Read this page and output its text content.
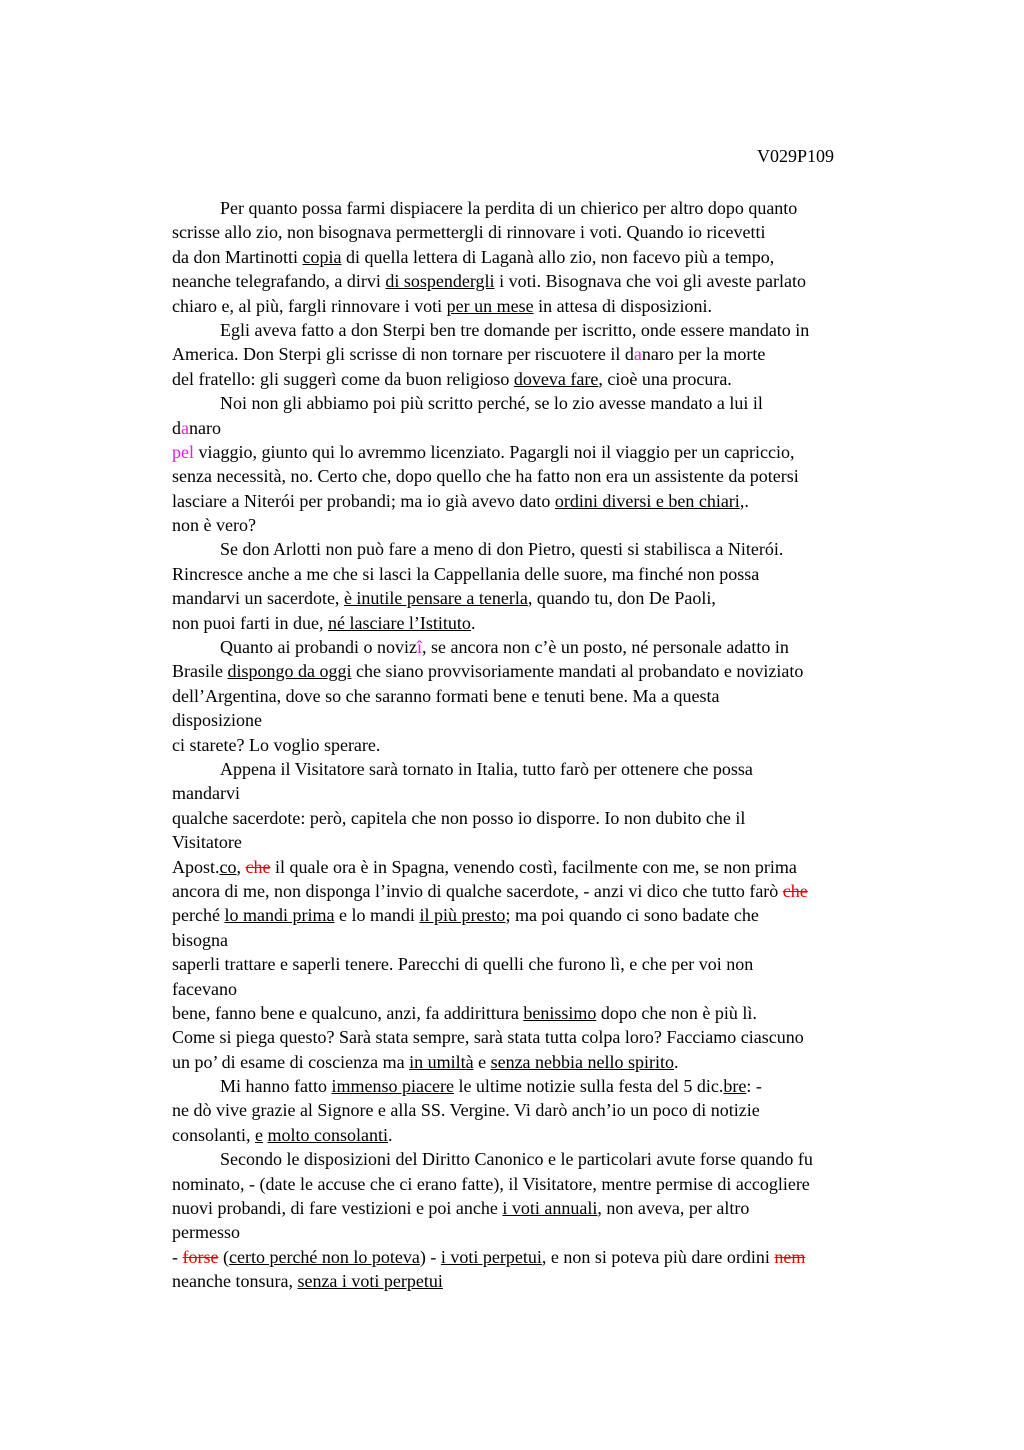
V029P109
Per quanto possa farmi dispiacere la perdita di un chierico per altro dopo quanto
scrisse allo zio, non bisognava permettergli di rinnovare i voti. Quando io ricevetti
da don Martinotti copia di quella lettera di Laganà allo zio, non facevo più a tempo,
neanche telegrafando, a dirvi di sospendergli i voti. Bisognava che voi gli aveste parlato
chiaro e, al più, fargli rinnovare i voti per un mese in attesa di disposizioni.
Egli aveva fatto a don Sterpi ben tre domande per iscritto, onde essere mandato in
America. Don Sterpi gli scrisse di non tornare per riscuotere il danaro per la morte
del fratello: gli suggerì come da buon religioso doveva fare, cioè una procura.
Noi non gli abbiamo poi più scritto perché, se lo zio avesse mandato a lui il
danaro
pel viaggio, giunto qui lo avremmo licenziato. Pagargli noi il viaggio per un capriccio,
senza necessità, no. Certo che, dopo quello che ha fatto non era un assistente da potersi
lasciare a Niterói per probandi; ma io già avevo dato ordini diversi e ben chiari,.
non è vero?
Se don Arlotti non può fare a meno di don Pietro, questi si stabilisca a Niterói.
Rincresce anche a me che si lasci la Cappellania delle suore, ma finché non possa
mandarvi un sacerdote, è inutile pensare a tenerla, quando tu, don De Paoli,
non puoi farti in due, né lasciare l’Istituto.
Quanto ai probandi o novizî, se ancora non c’è un posto, né personale adatto in
Brasile dispongo da oggi che siano provvisoriamente mandati al probandato e noviziato
dell’Argentina, dove so che saranno formati bene e tenuti bene. Ma a questa
disposizione
ci starete? Lo voglio sperare.
Appena il Visitatore sarà tornato in Italia, tutto farò per ottenere che possa
mandarvi
qualche sacerdote: però, capitela che non posso io disporre. Io non dubito che il
Visitatore
Apost.co, che il quale ora è in Spagna, venendo costì, facilmente con me, se non prima
ancora di me, non disponga l’invio di qualche sacerdote, - anzi vi dico che tutto farò che
perché lo mandi prima e lo mandi il più presto; ma poi quando ci sono badate che
bisogna
saperli trattare e saperli tenere. Parecchi di quelli che furono lì, e che per voi non
facevano
bene, fanno bene e qualcuno, anzi, fa addirittura benissimo dopo che non è più lì.
Come si piega questo? Sarà stata sempre, sarà stata tutta colpa loro? Facciamo ciascuno
un po’ di esame di coscienza ma in umiltà e senza nebbia nello spirito.
Mi hanno fatto immenso piacere le ultime notizie sulla festa del 5 dic.bre: -
ne dò vive grazie al Signore e alla SS. Vergine. Vi darò anch’io un poco di notizie
consolanti, e molto consolanti.
Secondo le disposizioni del Diritto Canonico e le particolari avute forse quando fu
nominato, - (date le accuse che ci erano fatte), il Visitatore, mentre permise di accogliere
nuovi probandi, di fare vestizioni e poi anche i voti annuali, non aveva, per altro
permesso
- forse (certo perché non lo poteva) - i voti perpetui, e non si poteva più dare ordini nem
neanche tonsura, senza i voti perpetui
